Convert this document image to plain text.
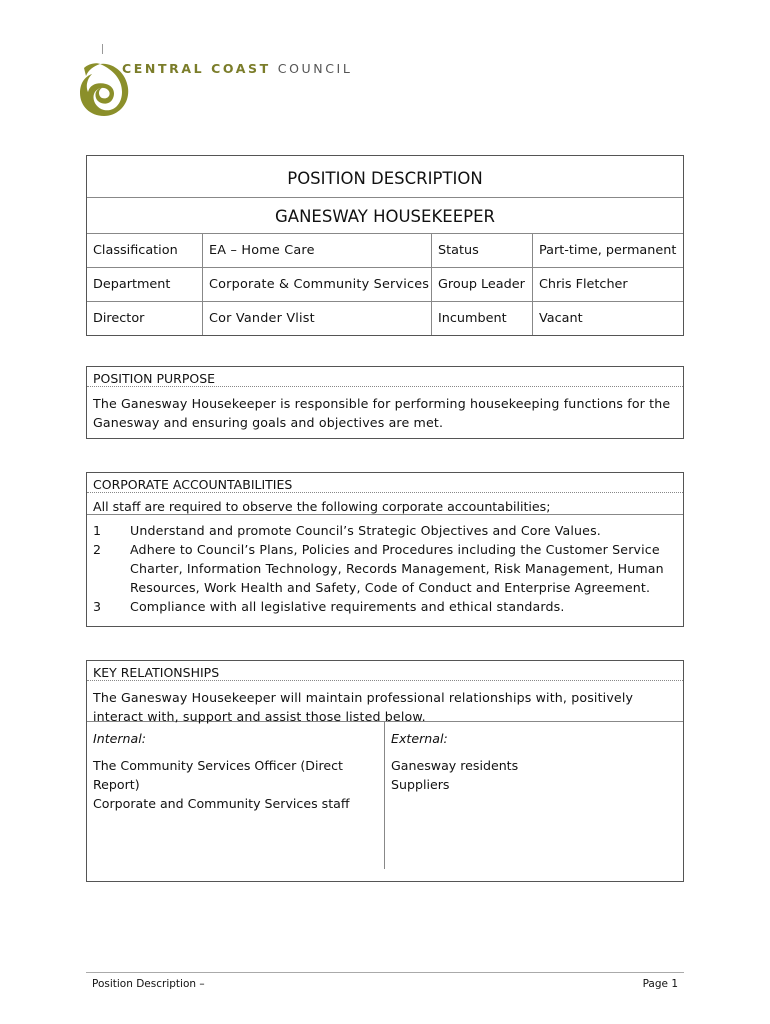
CENTRAL COAST COUNCIL
POSITION DESCRIPTION
GANESWAY HOUSEKEEPER
Classification	EA – Home Care	Status	Part-time, permanent
Department	Corporate & Community Services	Group Leader	Chris Fletcher
Director	Cor Vander Vlist	Incumbent	Vacant
POSITION PURPOSE
The Ganesway Housekeeper is responsible for performing housekeeping functions for the Ganesway and ensuring goals and objectives are met.
CORPORATE ACCOUNTABILITIES
All staff are required to observe the following corporate accountabilities;
1	Understand and promote Council’s Strategic Objectives and Core Values.
2	Adhere to Council’s Plans, Policies and Procedures including the Customer Service Charter, Information Technology, Records Management, Risk Management, Human Resources, Work Health and Safety, Code of Conduct and Enterprise Agreement.
3	Compliance with all legislative requirements and ethical standards.
KEY RELATIONSHIPS
The Ganesway Housekeeper will maintain professional relationships with, positively interact with, support and assist those listed below.
Internal:
The Community Services Officer (Direct Report)
Corporate and Community Services staff
External:
Ganesway residents
Suppliers
Position Description –	Page 1
